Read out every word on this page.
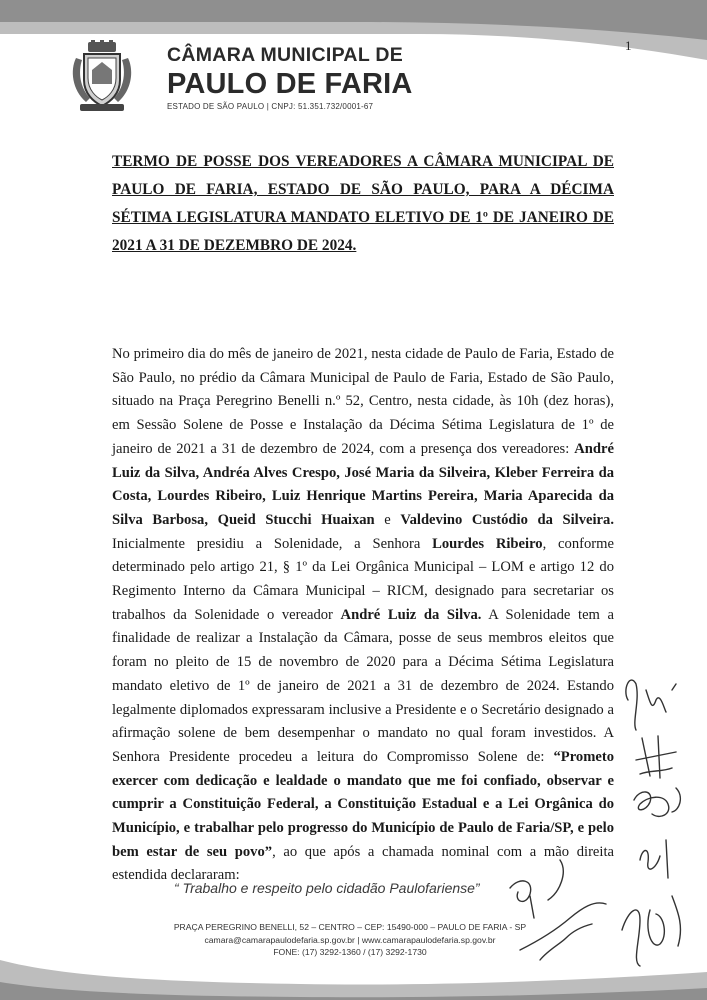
1
CÂMARA MUNICIPAL DE
PAULO DE FARIA
ESTADO DE SÃO PAULO | CNPJ: 51.351.732/0001-67

TERMO DE POSSE DOS VEREADORES A CÂMARA MUNICIPAL DE PAULO DE FARIA, ESTADO DE SÃO PAULO, PARA A DÉCIMA SÉTIMA LEGISLATURA MANDATO ELETIVO DE 1º DE JANEIRO DE 2021 A 31 DE DEZEMBRO DE 2024.

No primeiro dia do mês de janeiro de 2021, nesta cidade de Paulo de Faria, Estado de São Paulo, no prédio da Câmara Municipal de Paulo de Faria, Estado de São Paulo, situado na Praça Peregrino Benelli n.º 52, Centro, nesta cidade, às 10h (dez horas), em Sessão Solene de Posse e Instalação da Décima Sétima Legislatura de 1º de janeiro de 2021 a 31 de dezembro de 2024, com a presença dos vereadores: André Luiz da Silva, Andréa Alves Crespo, José Maria da Silveira, Kleber Ferreira da Costa, Lourdes Ribeiro, Luiz Henrique Martins Pereira, Maria Aparecida da Silva Barbosa, Queid Stucchi Huaixan e Valdevino Custódio da Silveira. Inicialmente presidiu a Solenidade, a Senhora Lourdes Ribeiro, conforme determinado pelo artigo 21, § 1º da Lei Orgânica Municipal – LOM e artigo 12 do Regimento Interno da Câmara Municipal – RICM, designado para secretariar os trabalhos da Solenidade o vereador André Luiz da Silva. A Solenidade tem a finalidade de realizar a Instalação da Câmara, posse de seus membros eleitos que foram no pleito de 15 de novembro de 2020 para a Décima Sétima Legislatura mandato eletivo de 1º de janeiro de 2021 a 31 de dezembro de 2024. Estando legalmente diplomados expressaram inclusive a Presidente e o Secretário designado a afirmação solene de bem desempenhar o mandato no qual foram investidos. A Senhora Presidente procedeu a leitura do Compromisso Solene de: “Prometo exercer com dedicação e lealdade o mandato que me foi confiado, observar e cumprir a Constituição Federal, a Constituição Estadual e a Lei Orgânica do Município, e trabalhar pelo progresso do Município de Paulo de Faria/SP, e pelo bem estar de seu povo”, ao que após a chamada nominal com a mão direita estendida declararam:

“ Trabalho e respeito pelo cidadão Paulofariense”
PRAÇA PEREGRINO BENELLI, 52 – CENTRO – CEP: 15490-000 – PAULO DE FARIA - SP
camara@camarapaulodefaria.sp.gov.br | www.camarapaulodefaria.sp.gov.br
FONE: (17) 3292-1360 / (17) 3292-1730
